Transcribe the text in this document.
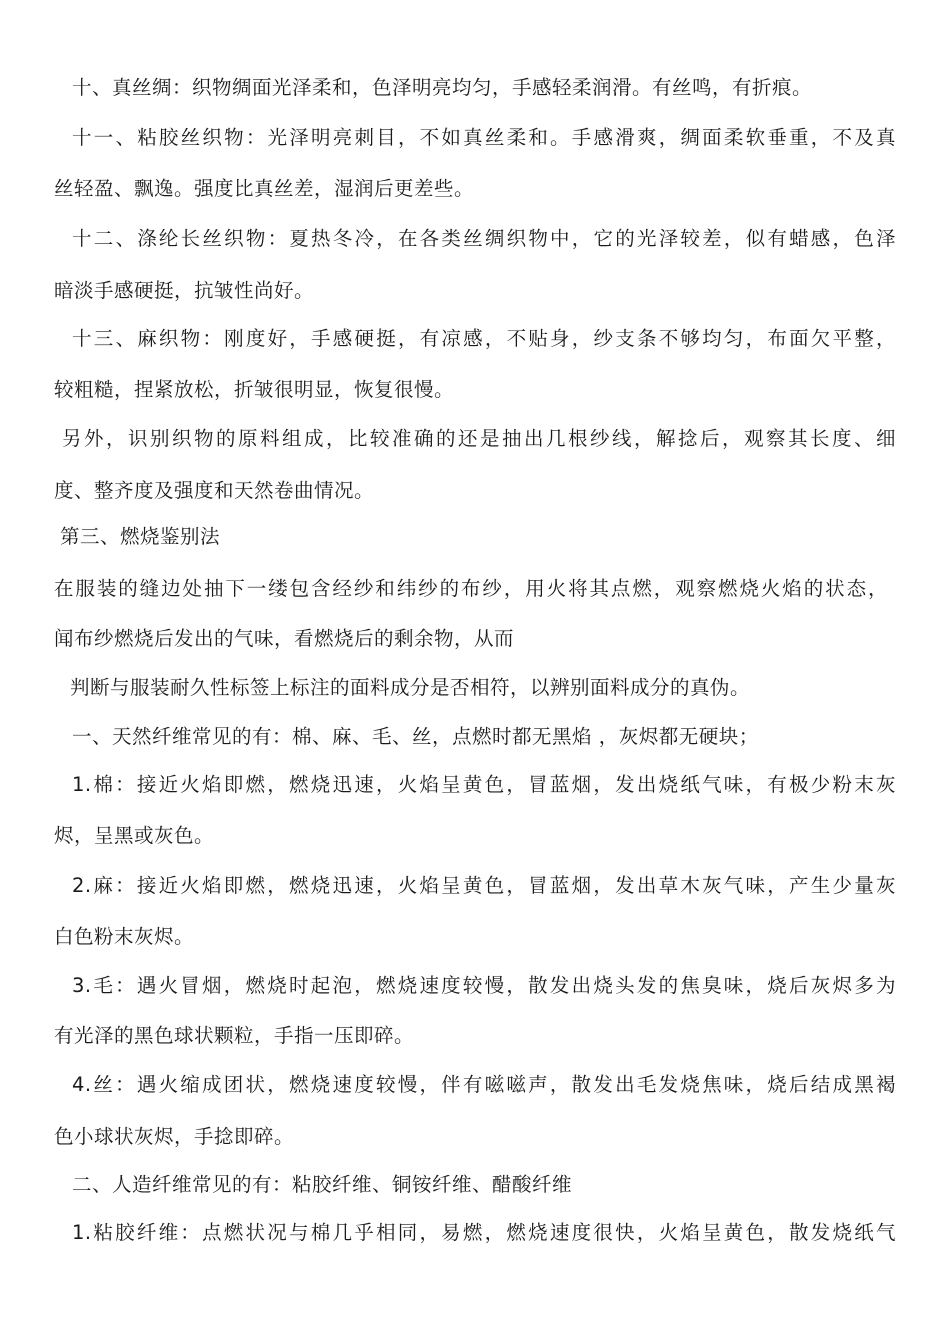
十、真丝绸：织物绸面光泽柔和，色泽明亮均匀，手感轻柔润滑。有丝鸣，有折痕。
十一、粘胶丝织物：光泽明亮刺目，不如真丝柔和。手感滑爽，绸面柔软垂重，不及真
丝轻盈、飘逸。强度比真丝差，湿润后更差些。
十二、涤纶长丝织物：夏热冬冷，在各类丝绸织物中，它的光泽较差，似有蜡感，色泽
暗淡手感硬挺，抗皱性尚好。
十三、麻织物：刚度好，手感硬挺，有凉感，不贴身，纱支条不够均匀，布面欠平整，
较粗糙，捏紧放松，折皱很明显，恢复很慢。
另外，识别织物的原料组成，比较准确的还是抽出几根纱线，解捻后，观察其长度、细
度、整齐度及强度和天然卷曲情况。
第三、燃烧鉴别法
在服装的缝边处抽下一缕包含经纱和纬纱的布纱，用火将其点燃，观察燃烧火焰的状态，
闻布纱燃烧后发出的气味，看燃烧后的剩余物，从而
判断与服装耐久性标签上标注的面料成分是否相符，以辨别面料成分的真伪。
一、天然纤维常见的有：棉、麻、毛、丝，点燃时都无黑焰 ，灰烬都无硬块；
1.棉：接近火焰即燃，燃烧迅速，火焰呈黄色，冒蓝烟，发出烧纸气味，有极少粉末灰
烬，呈黑或灰色。
2.麻：接近火焰即燃，燃烧迅速，火焰呈黄色，冒蓝烟，发出草木灰气味，产生少量灰
白色粉末灰烬。
3.毛：遇火冒烟，燃烧时起泡，燃烧速度较慢，散发出烧头发的焦臭味，烧后灰烬多为
有光泽的黑色球状颗粒，手指一压即碎。
4.丝：遇火缩成团状，燃烧速度较慢，伴有嗞嗞声，散发出毛发烧焦味，烧后结成黑褐
色小球状灰烬，手捻即碎。
二、人造纤维常见的有：粘胶纤维、铜铵纤维、醋酸纤维
1.粘胶纤维：点燃状况与棉几乎相同，易燃，燃烧速度很快，火焰呈黄色，散发烧纸气
